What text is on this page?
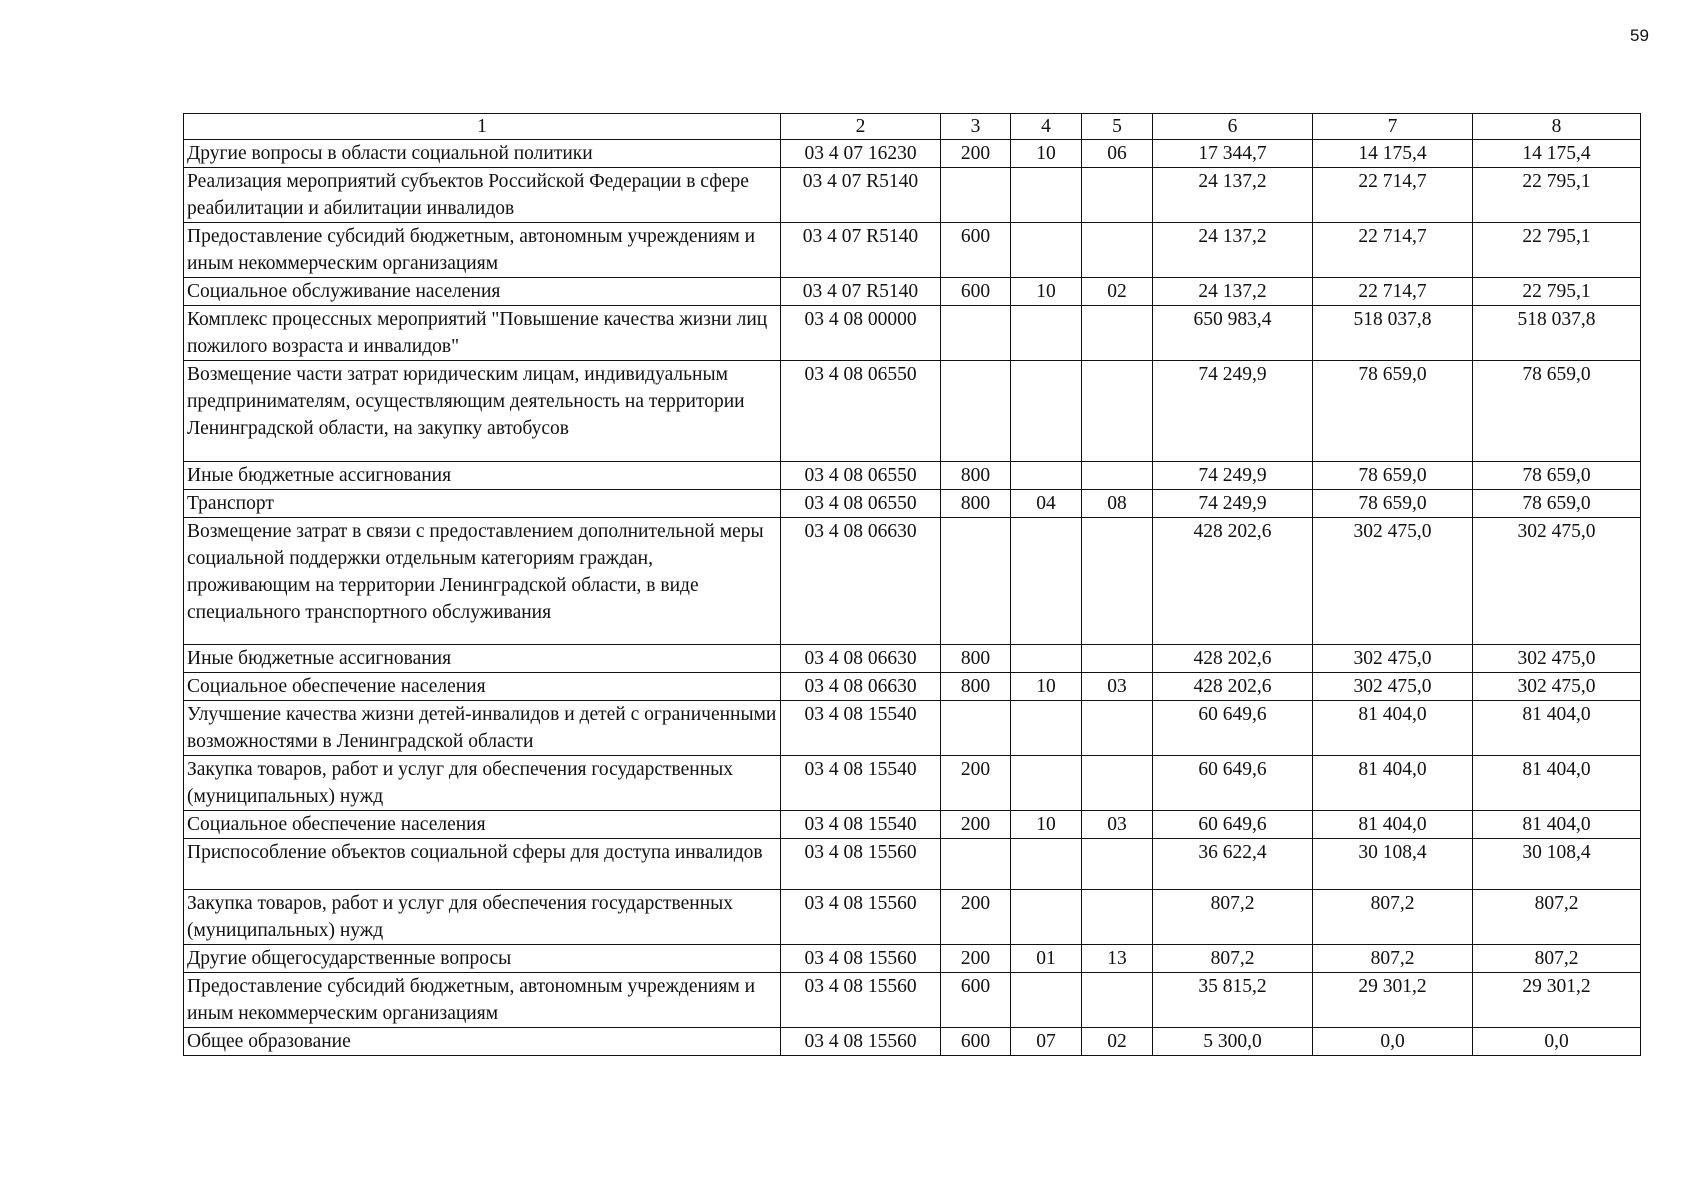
59
1	2	3	4	5	6	7	8
Другие вопросы в области социальной политики	03 4 07 16230	200	10	06	17 344,7	14 175,4	14 175,4
Реализация мероприятий субъектов Российской Федерации в сфере реабилитации и абилитации инвалидов	03 4 07 R5140				24 137,2	22 714,7	22 795,1
Предоставление субсидий бюджетным, автономным учреждениям и иным некоммерческим организациям	03 4 07 R5140	600			24 137,2	22 714,7	22 795,1
Социальное обслуживание населения	03 4 07 R5140	600	10	02	24 137,2	22 714,7	22 795,1
Комплекс процессных мероприятий "Повышение качества жизни лиц пожилого возраста и инвалидов"	03 4 08 00000				650 983,4	518 037,8	518 037,8
Возмещение части затрат юридическим лицам, индивидуальным предпринимателям, осуществляющим деятельность на территории Ленинградской области, на закупку автобусов	03 4 08 06550				74 249,9	78 659,0	78 659,0
Иные бюджетные ассигнования	03 4 08 06550	800			74 249,9	78 659,0	78 659,0
Транспорт	03 4 08 06550	800	04	08	74 249,9	78 659,0	78 659,0
Возмещение затрат в связи с предоставлением дополнительной меры социальной поддержки отдельным категориям граждан, проживающим на территории Ленинградской области, в виде специального транспортного обслуживания	03 4 08 06630				428 202,6	302 475,0	302 475,0
Иные бюджетные ассигнования	03 4 08 06630	800			428 202,6	302 475,0	302 475,0
Социальное обеспечение населения	03 4 08 06630	800	10	03	428 202,6	302 475,0	302 475,0
Улучшение качества жизни детей-инвалидов и детей с ограниченными возможностями в Ленинградской области	03 4 08 15540				60 649,6	81 404,0	81 404,0
Закупка товаров, работ и услуг для обеспечения государственных (муниципальных) нужд	03 4 08 15540	200			60 649,6	81 404,0	81 404,0
Социальное обеспечение населения	03 4 08 15540	200	10	03	60 649,6	81 404,0	81 404,0
Приспособление объектов социальной сферы для доступа инвалидов	03 4 08 15560				36 622,4	30 108,4	30 108,4
Закупка товаров, работ и услуг для обеспечения государственных (муниципальных) нужд	03 4 08 15560	200			807,2	807,2	807,2
Другие общегосударственные вопросы	03 4 08 15560	200	01	13	807,2	807,2	807,2
Предоставление субсидий бюджетным, автономным учреждениям и иным некоммерческим организациям	03 4 08 15560	600			35 815,2	29 301,2	29 301,2
Общее образование	03 4 08 15560	600	07	02	5 300,0	0,0	0,0
